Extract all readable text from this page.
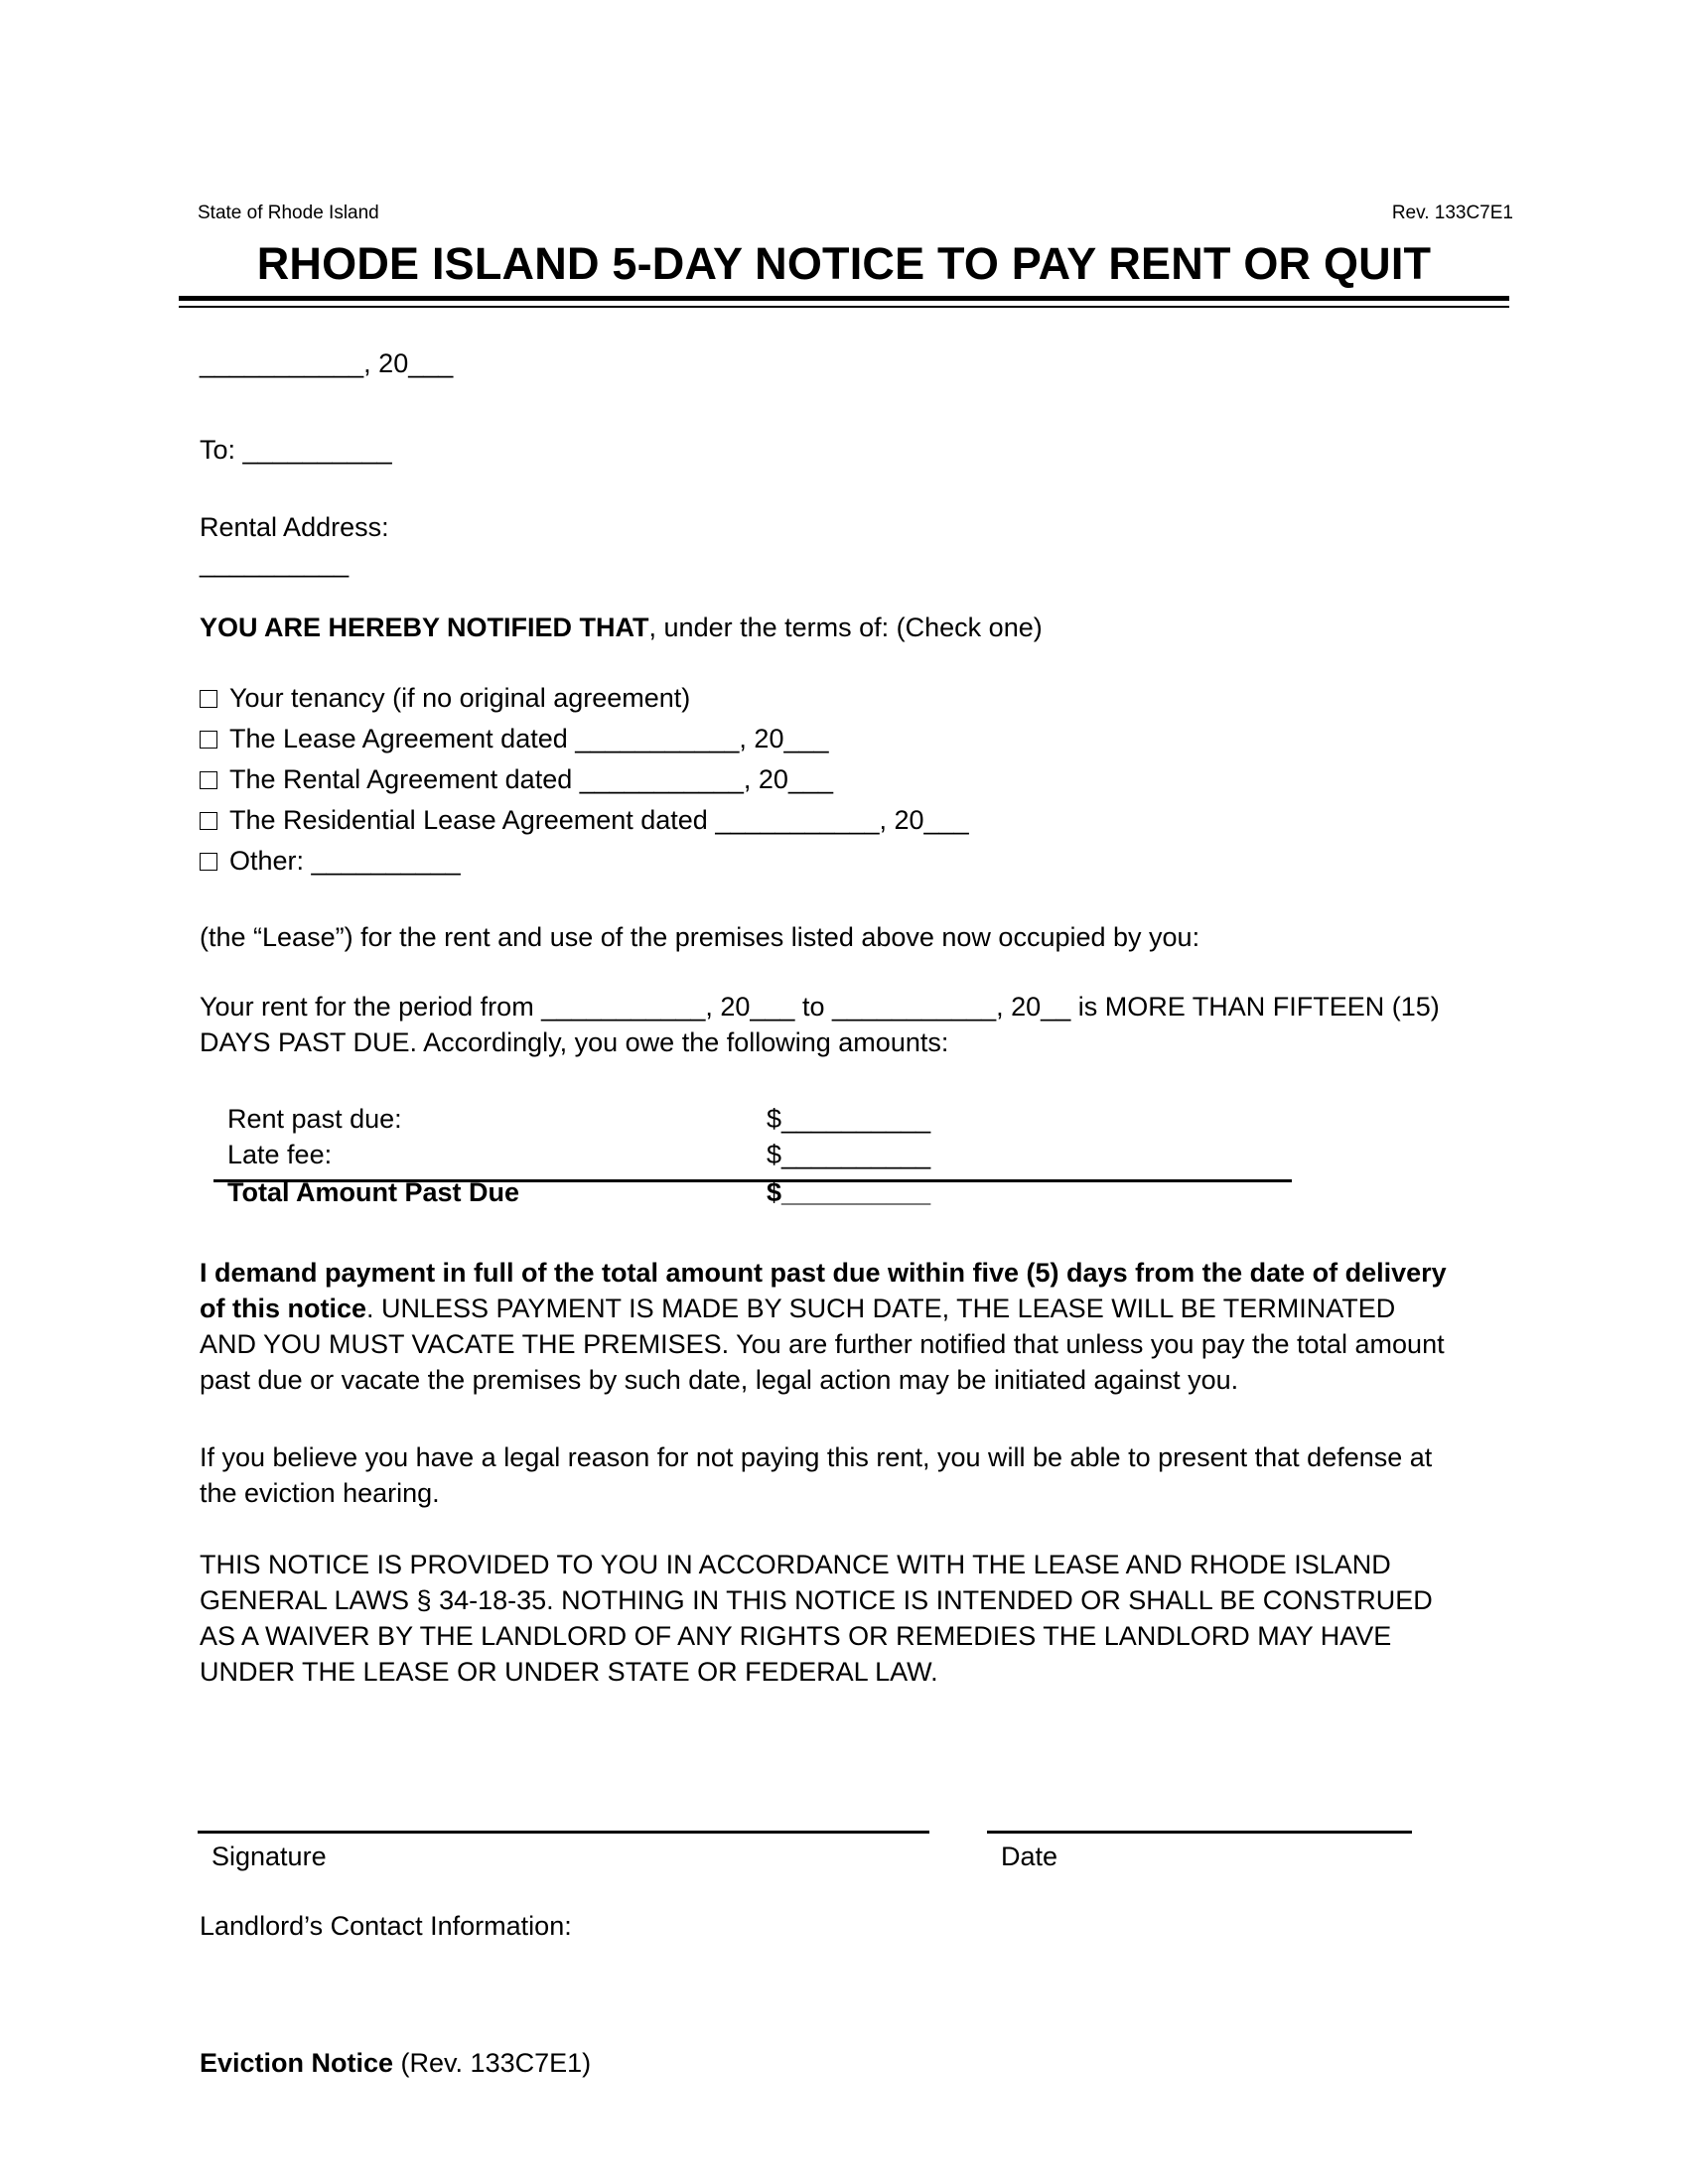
State of Rhode Island	Rev. 133C7E1
RHODE ISLAND 5-DAY NOTICE TO PAY RENT OR QUIT
___________, 20___
To: __________
Rental Address:
__________
YOU ARE HEREBY NOTIFIED THAT, under the terms of: (Check one)
Your tenancy (if no original agreement)
The Lease Agreement dated ___________, 20___
The Rental Agreement dated ___________, 20___
The Residential Lease Agreement dated ___________, 20___
Other: __________
(the “Lease”) for the rent and use of the premises listed above now occupied by you:
Your rent for the period from ___________, 20___ to ___________, 20__ is MORE THAN FIFTEEN (15)
DAYS PAST DUE. Accordingly, you owe the following amounts:
Rent past due:	$__________
Late fee:	$__________
Total Amount Past Due	$__________
I demand payment in full of the total amount past due within five (5) days from the date of delivery
of this notice. UNLESS PAYMENT IS MADE BY SUCH DATE, THE LEASE WILL BE TERMINATED
AND YOU MUST VACATE THE PREMISES. You are further notified that unless you pay the total amount
past due or vacate the premises by such date, legal action may be initiated against you.
If you believe you have a legal reason for not paying this rent, you will be able to present that defense at
the eviction hearing.
THIS NOTICE IS PROVIDED TO YOU IN ACCORDANCE WITH THE LEASE AND RHODE ISLAND
GENERAL LAWS § 34-18-35. NOTHING IN THIS NOTICE IS INTENDED OR SHALL BE CONSTRUED
AS A WAIVER BY THE LANDLORD OF ANY RIGHTS OR REMEDIES THE LANDLORD MAY HAVE
UNDER THE LEASE OR UNDER STATE OR FEDERAL LAW.
Signature	Date
Landlord’s Contact Information:
Eviction Notice (Rev. 133C7E1)
